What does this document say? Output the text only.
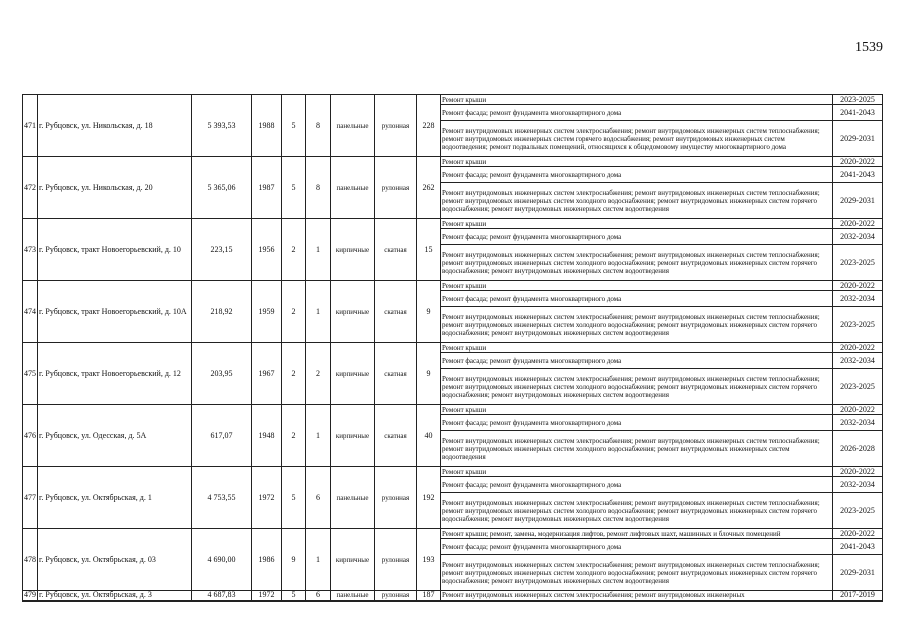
1539
471	г. Рубцовск, ул. Никольская, д. 18	5 393,53	1988	5	8	панельные	рулонная	228	Ремонт крыши	2023-2025
									Ремонт фасада; ремонт фундамента многоквартирного дома	2041-2043
									Ремонт внутридомовых инженерных систем электроснабжения; ремонт внутридомовых инженерных систем теплоснабжения; ремонт внутридомовых инженерных систем горячего водоснабжения; ремонт внутридомовых инженерных систем водоотведения; ремонт подвальных помещений, относящихся к общедомовому имуществу многоквартирного дома	2029-2031
472	г. Рубцовск, ул. Никольская, д. 20	5 365,06	1987	5	8	панельные	рулонная	262	Ремонт крыши	2020-2022
									Ремонт фасада; ремонт фундамента многоквартирного дома	2041-2043
									Ремонт внутридомовых инженерных систем электроснабжения; ремонт внутридомовых инженерных систем теплоснабжения; ремонт внутридомовых инженерных систем холодного водоснабжения; ремонт внутридомовых инженерных систем горячего водоснабжения; ремонт внутридомовых инженерных систем водоотведения	2029-2031
473	г. Рубцовск, тракт Новоегорьевский, д. 10	223,15	1956	2	1	кирпичные	скатная	15	Ремонт крыши	2020-2022
									Ремонт фасада; ремонт фундамента многоквартирного дома	2032-2034
									Ремонт внутридомовых инженерных систем электроснабжения; ремонт внутридомовых инженерных систем теплоснабжения; ремонт внутридомовых инженерных систем холодного водоснабжения; ремонт внутридомовых инженерных систем горячего водоснабжения; ремонт внутридомовых инженерных систем водоотведения	2023-2025
474	г. Рубцовск, тракт Новоегорьевский, д. 10А	218,92	1959	2	1	кирпичные	скатная	9	Ремонт крыши	2020-2022
									Ремонт фасада; ремонт фундамента многоквартирного дома	2032-2034
									Ремонт внутридомовых инженерных систем электроснабжения; ремонт внутридомовых инженерных систем теплоснабжения; ремонт внутридомовых инженерных систем холодного водоснабжения; ремонт внутридомовых инженерных систем горячего водоснабжения; ремонт внутридомовых инженерных систем водоотведения	2023-2025
475	г. Рубцовск, тракт Новоегорьевский, д. 12	203,95	1967	2	2	кирпичные	скатная	9	Ремонт крыши	2020-2022
									Ремонт фасада; ремонт фундамента многоквартирного дома	2032-2034
									Ремонт внутридомовых инженерных систем электроснабжения; ремонт внутридомовых инженерных систем теплоснабжения; ремонт внутридомовых инженерных систем холодного водоснабжения; ремонт внутридомовых инженерных систем горячего водоснабжения; ремонт внутридомовых инженерных систем водоотведения	2023-2025
476	г. Рубцовск, ул. Одесская, д. 5А	617,07	1948	2	1	кирпичные	скатная	40	Ремонт крыши	2020-2022
									Ремонт фасада; ремонт фундамента многоквартирного дома	2032-2034
									Ремонт внутридомовых инженерных систем электроснабжения; ремонт внутридомовых инженерных систем теплоснабжения; ремонт внутридомовых инженерных систем холодного водоснабжения; ремонт внутридомовых инженерных систем водоотведения	2026-2028
477	г. Рубцовск, ул. Октябрьская, д. 1	4 753,55	1972	5	6	панельные	рулонная	192	Ремонт крыши	2020-2022
									Ремонт фасада; ремонт фундамента многоквартирного дома	2032-2034
									Ремонт внутридомовых инженерных систем электроснабжения; ремонт внутридомовых инженерных систем теплоснабжения; ремонт внутридомовых инженерных систем холодного водоснабжения; ремонт внутридомовых инженерных систем горячего водоснабжения; ремонт внутридомовых инженерных систем водоотведения	2023-2025
478	г. Рубцовск, ул. Октябрьская, д. 03	4 690,00	1986	9	1	кирпичные	рулонная	193	Ремонт крыши; ремонт, замена, модернизация лифтов, ремонт лифтовых шахт, машинных и блочных помещений	2020-2022
									Ремонт фасада; ремонт фундамента многоквартирного дома	2041-2043
									Ремонт внутридомовых инженерных систем электроснабжения; ремонт внутридомовых инженерных систем теплоснабжения; ремонт внутридомовых инженерных систем холодного водоснабжения; ремонт внутридомовых инженерных систем горячего водоснабжения; ремонт внутридомовых инженерных систем водоотведения	2029-2031
479	г. Рубцовск, ул. Октябрьская, д. 3	4 687,83	1972	5	6	панельные	рулонная	187	Ремонт внутридомовых инженерных систем электроснабжения; ремонт внутридомовых инженерных	2017-2019
